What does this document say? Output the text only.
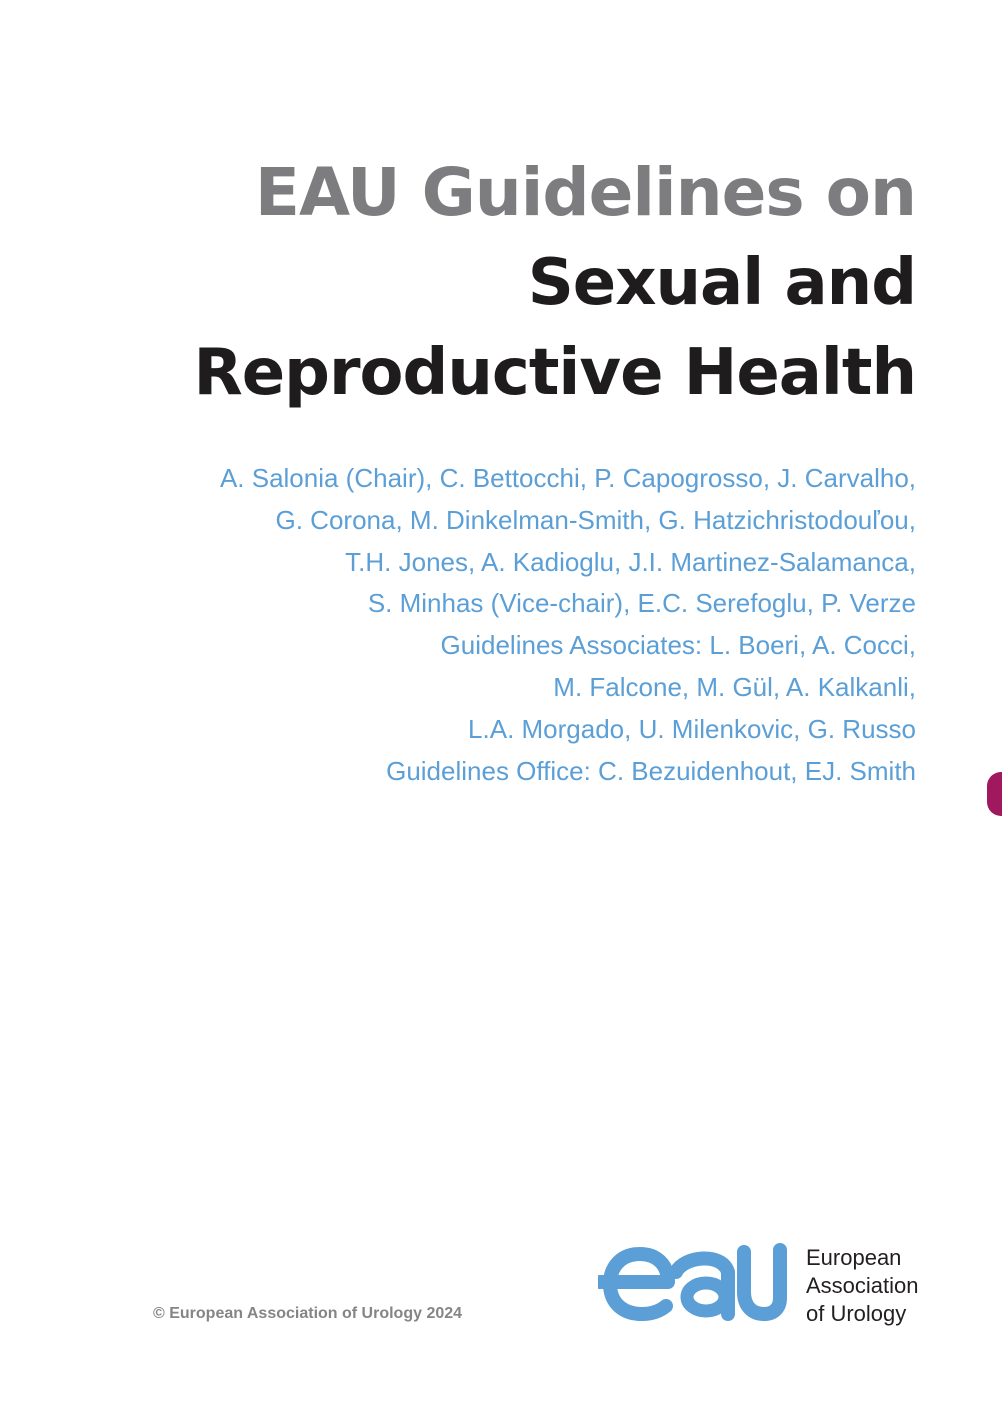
EAU Guidelines on
Sexual and
Reproductive Health
A. Salonia (Chair), C. Bettocchi, P. Capogrosso, J. Carvalho,
G. Corona, M. Dinkelman-Smith, G. Hatzichristodouľou,
T.H. Jones, A. Kadioglu, J.I. Martinez-Salamanca,
S. Minhas (Vice-chair), E.C. Serefoglu, P. Verze
Guidelines Associates: L. Boeri, A. Cocci,
M. Falcone, M. Gül, A. Kalkanli,
L.A. Morgado, U. Milenkovic, G. Russo
Guidelines Office: C. Bezuidenhout, EJ. Smith
© European Association of Urology 2024
eau
European
Association
of Urology
